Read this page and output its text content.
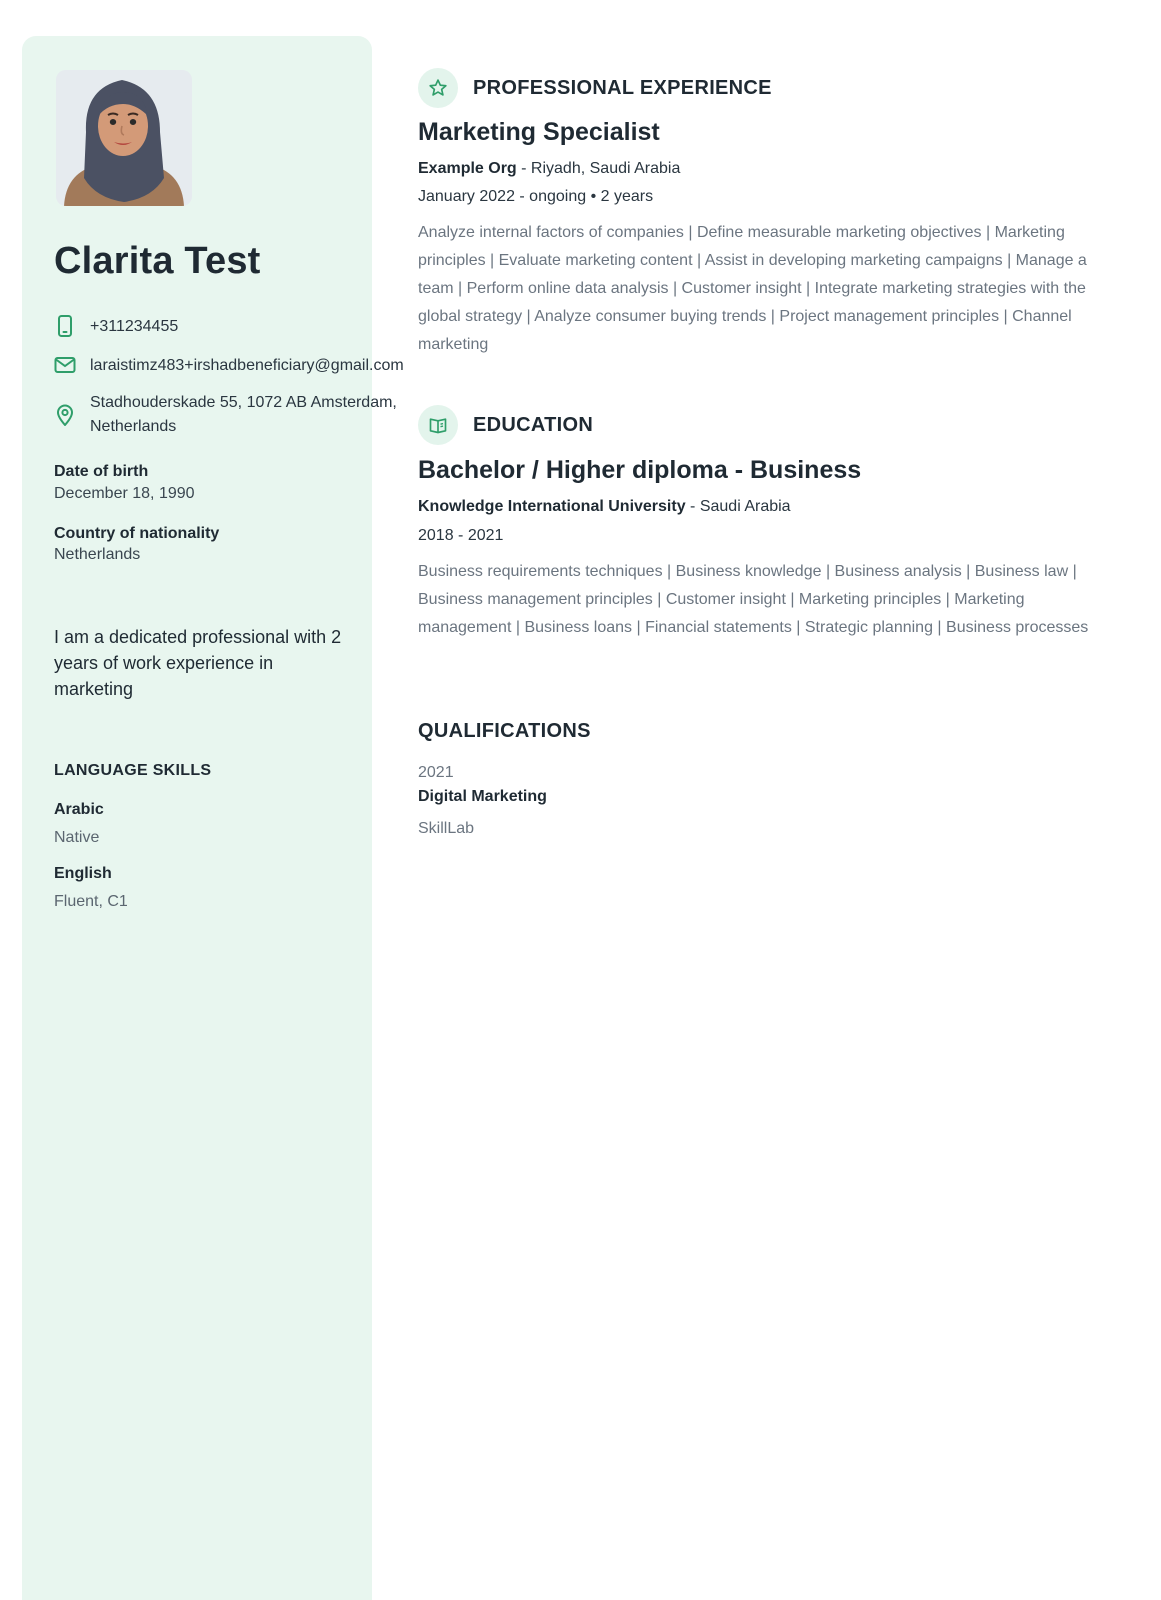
Clarita Test
+311234455
laraistimz483+irshadbeneficiary@gmail.com
Stadhouderskade 55, 1072 AB Amsterdam,
Netherlands
Date of birth
December 18, 1990
Country of nationality
Netherlands
I am a dedicated professional with 2 years of work experience in marketing
LANGUAGE SKILLS
Arabic
Native
English
Fluent, C1
PROFESSIONAL EXPERIENCE
Marketing Specialist
Example Org - Riyadh, Saudi Arabia
January 2022 - ongoing • 2 years
Analyze internal factors of companies | Define measurable marketing objectives | Marketing principles | Evaluate marketing content | Assist in developing marketing campaigns | Manage a team | Perform online data analysis | Customer insight | Integrate marketing strategies with the global strategy | Analyze consumer buying trends | Project management principles | Channel marketing
EDUCATION
Bachelor / Higher diploma - Business
Knowledge International University - Saudi Arabia
2018 - 2021
Business requirements techniques | Business knowledge | Business analysis | Business law | Business management principles | Customer insight | Marketing principles | Marketing management | Business loans | Financial statements | Strategic planning | Business processes
QUALIFICATIONS
2021
Digital Marketing
SkillLab
